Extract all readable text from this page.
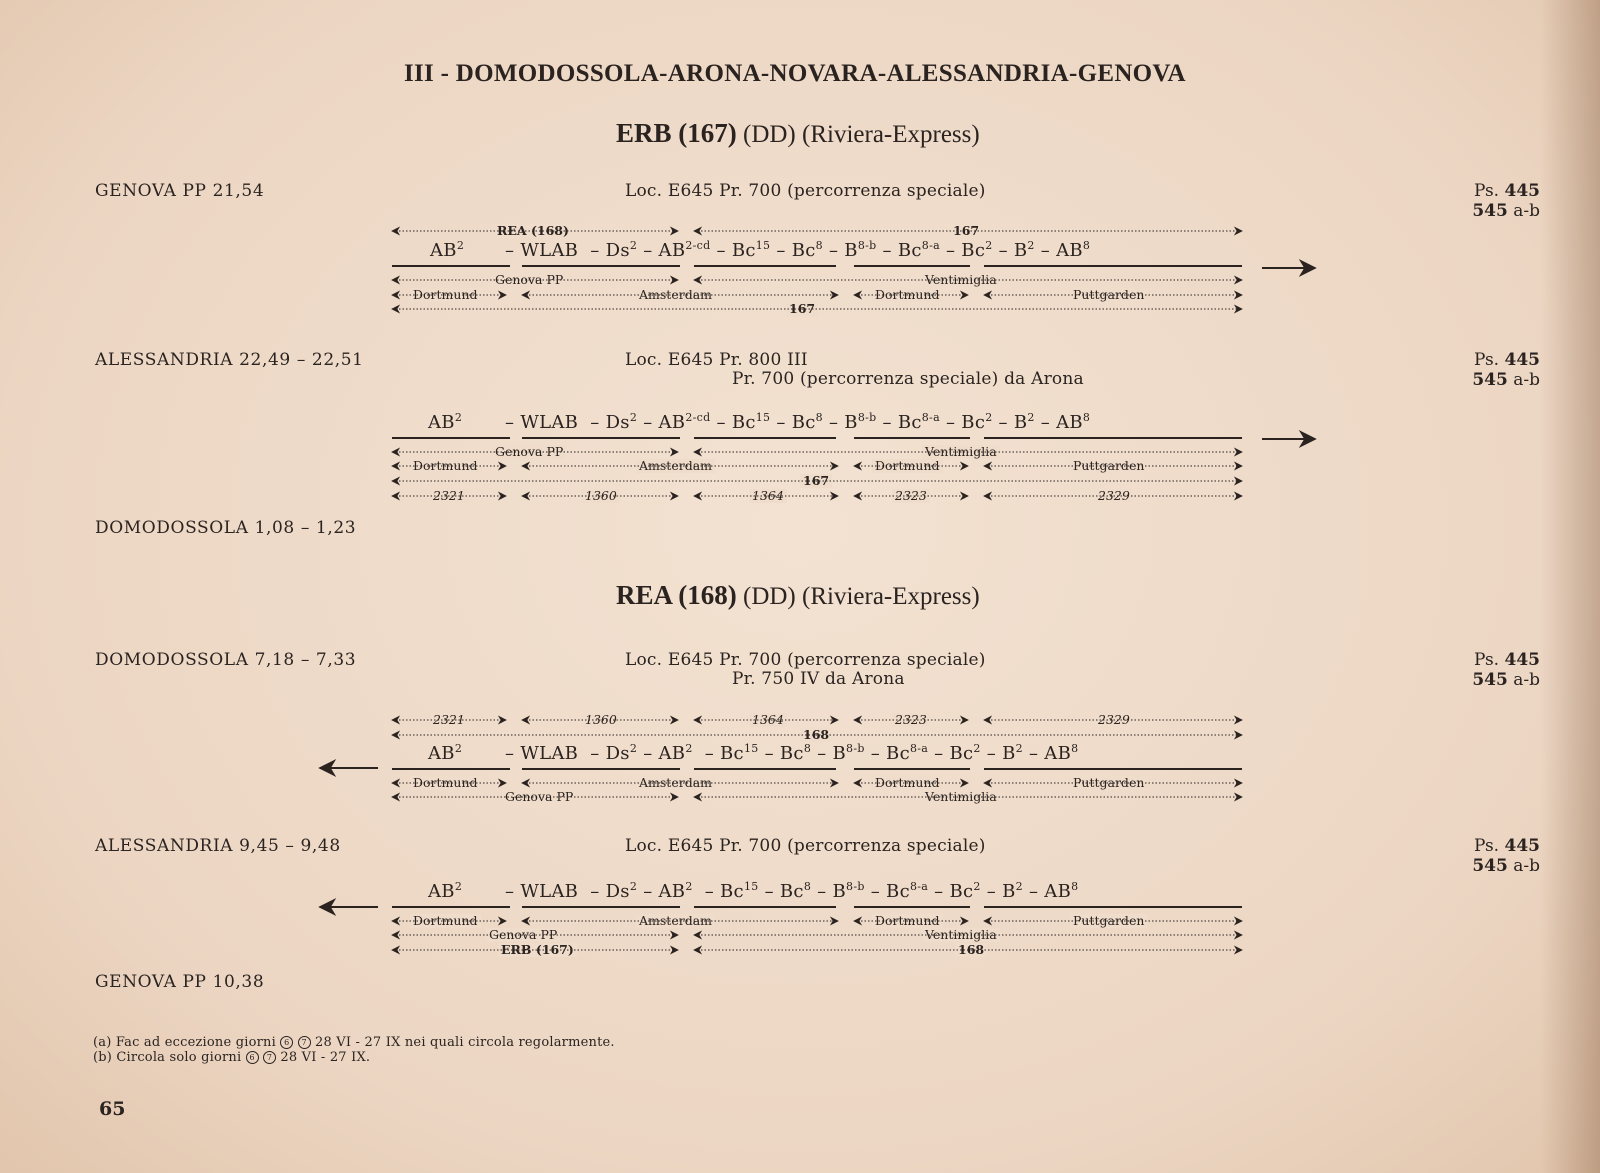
III - DOMODOSSOLA-ARONA-NOVARA-ALESSANDRIA-GENOVA
ERB (167) (DD) (Riviera-Express)
GENOVA PP 21,54	Loc. E645 Pr. 700 (percorrenza speciale)	Ps. 445
545 a-b
REA (168)	167
$AB^2$ – WLAB – $Ds^2 - AB^{2-cd} - Bc^{15} - Bc^8 - B^{8-b} - Bc^{8-a} - Bc^2 - B^2 - AB^8$
Genova PP	Ventimiglia
Dortmund	Amsterdam	Dortmund	Puttgarden
167
ALESSANDRIA 22,49 – 22,51	Loc. E645 Pr. 800 III
Pr. 700 (percorrenza speciale) da Arona
Ps. 445
545 a-b
$AB^2$ – WLAB – $Ds^2 - AB^{2-cd} - Bc^{15} - Bc^8 - B^{8-b} - Bc^{8-a} - Bc^2 - B^2 - AB^8$
Genova PP	Ventimiglia
Dortmund	Amsterdam	Dortmund	Puttgarden
167
2321	1360	1364	2323	2329
DOMODOSSOLA 1,08 – 1,23
REA (168) (DD) (Riviera-Express)
DOMODOSSOLA 7,18 – 7,33	Loc. E645 Pr. 700 (percorrenza speciale)
Pr. 750 IV da Arona
Ps. 445
545 a-b
2321	1360	1364	2323	2329
168
$AB^2$ – WLAB – $Ds^2 - AB^2 - Bc^{15} - Bc^8 - B^{8-b} - Bc^{8-a} - Bc^2 - B^2 - AB^8$
Dortmund	Amsterdam	Dortmund	Puttgarden
Genova PP	Ventimiglia
ALESSANDRIA 9,45 – 9,48	Loc. E645 Pr. 700 (percorrenza speciale)	Ps. 445
545 a-b
$AB^2$ – WLAB – $Ds^2 - AB^2 - Bc^{15} - Bc^8 - B^{8-b} - Bc^{8-a} - Bc^2 - B^2 - AB^8$
Dortmund	Amsterdam	Dortmund	Puttgarden
Genova PP	Ventimiglia
ERB (167)	168
GENOVA PP 10,38
(a) Fac ad eccezione giorni 6 7 28 VI - 27 IX nei quali circola regolarmente.
(b) Circola solo giorni 6 7 28 VI - 27 IX.
65
